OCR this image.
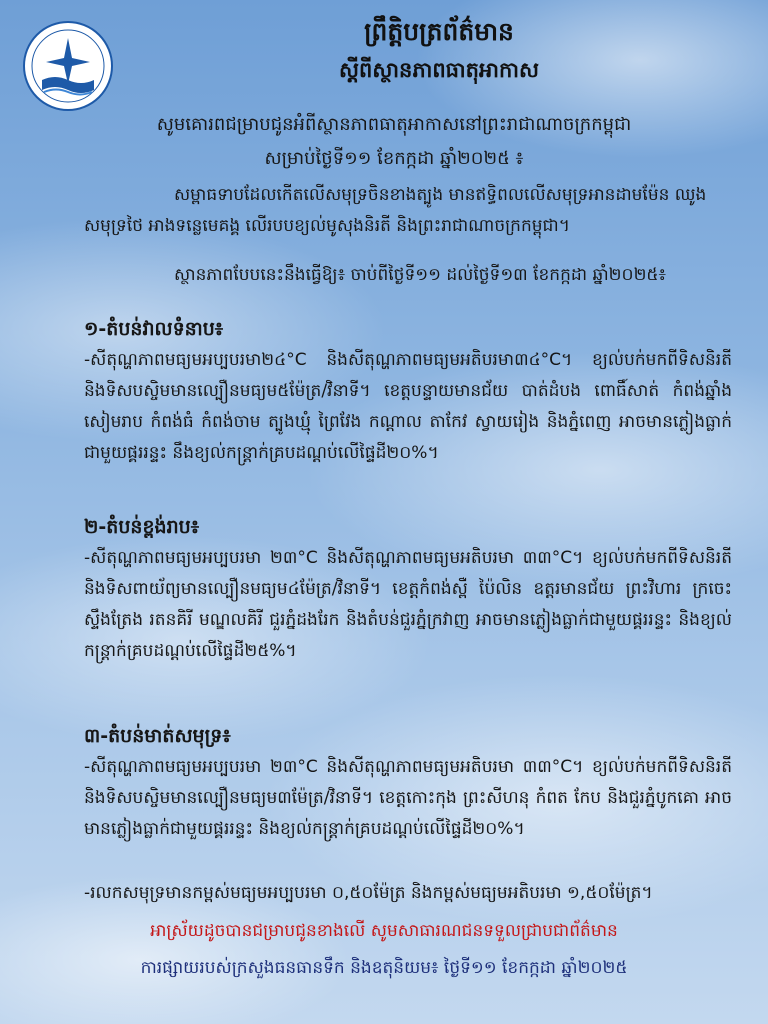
ព្រឹត្តិបត្រព័ត៌មាន

ស្តីពីស្ថានភាពធាតុអាកាស

សូមគោរពជម្រាបជូនអំពីស្ថានភាពធាតុអាកាសនៅព្រះរាជាណាចក្រកម្ពុជា
សម្រាប់ថ្ងៃទី១១ ខែកក្កដា ឆ្នាំ២០២៥ ៖
សម្ពាធទាបដែលកើតលើសមុទ្រចិនខាងត្បូង មានឥទ្ធិពលលើសមុទ្រអានដាមម៉ែន ឈូងសមុទ្រថៃ អាងទន្លេមេគង្គ លើរបបខ្យល់មូសុងនិរតី និងព្រះរាជាណាចក្រកម្ពុជា។
ស្ថានភាពបែបនេះនឹងធ្វើឱ្យ៖ ចាប់ពីថ្ងៃទី១១ ដល់ថ្ងៃទី១៣ ខែកក្កដា ឆ្នាំ២០២៥៖
១-តំបន់វាលទំនាប៖
-សីតុណ្ហភាពមធ្យមអប្បបរមា២៤°C និងសីតុណ្ហភាពមធ្យមអតិបរមា៣៤°C។ ខ្យល់បក់មកពីទិសនិរតី និងទិសបស្ចិមមានល្បឿនមធ្យម៥ម៉ែត្រ/វិនាទី។ ខេត្តបន្ទាយមានជ័យ បាត់ដំបង ពោធិ៍សាត់ កំពង់ឆ្នាំង សៀមរាប កំពង់ធំ កំពង់ចាម ត្បូងឃ្មុំ ព្រៃវែង កណ្តាល តាកែវ ស្វាយរៀង និងភ្នំពេញ អាចមានភ្លៀងធ្លាក់ជាមួយផ្គររន្ទះ នឹងខ្យល់កន្ត្រាក់គ្របដណ្តប់លើផ្ទៃដី២០%។
២-តំបន់ខ្ពង់រាប៖
-សីតុណ្ហភាពមធ្យមអប្បបរមា ២៣°C និងសីតុណ្ហភាពមធ្យមអតិបរមា ៣៣°C។ ខ្យល់បក់មកពីទិសនិរតី និងទិសពាយ័ព្យមានល្បឿនមធ្យម៤ម៉ែត្រ/វិនាទី។ ខេត្តកំពង់ស្ពឺ ប៉ៃលិន ឧត្តរមានជ័យ ព្រះវិហារ ក្រចេះ ស្ទឹងត្រែង រតនគិរី មណ្ឌលគិរី ជួរភ្នំដងរែក និងតំបន់ជួរភ្នំក្រវាញ អាចមានភ្លៀងធ្លាក់ជាមួយផ្គររន្ទះ និងខ្យល់កន្ត្រាក់គ្របដណ្តប់លើផ្ទៃដី២៥%។
៣-តំបន់មាត់សមុទ្រ៖
-សីតុណ្ហភាពមធ្យមអប្បបរមា ២៣°C និងសីតុណ្ហភាពមធ្យមអតិបរមា ៣៣°C។ ខ្យល់បក់មកពីទិសនិរតី និងទិសបស្ចិមមានល្បឿនមធ្យម៣ម៉ែត្រ/វិនាទី។ ខេត្តកោះកុង ព្រះសីហនុ កំពត កែប និងជួរភ្នំបូកគោ អាចមានភ្លៀងធ្លាក់ជាមួយផ្គររន្ទះ និងខ្យល់កន្ត្រាក់គ្របដណ្តប់លើផ្ទៃដី២០%។
-រលកសមុទ្រមានកម្ពស់មធ្យមអប្បបរមា ០,៥០ម៉ែត្រ និងកម្ពស់មធ្យមអតិបរមា ១,៥០ម៉ែត្រ។
អាស្រ័យដូចបានជម្រាបជូនខាងលើ សូមសាធារណជនទទួលជ្រាបជាព័ត៌មាន
ការផ្សាយរបស់ក្រសួងធនធានទឹក និងឧតុនិយម៖ ថ្ងៃទី១១ ខែកក្កដា ឆ្នាំ២០២៥
